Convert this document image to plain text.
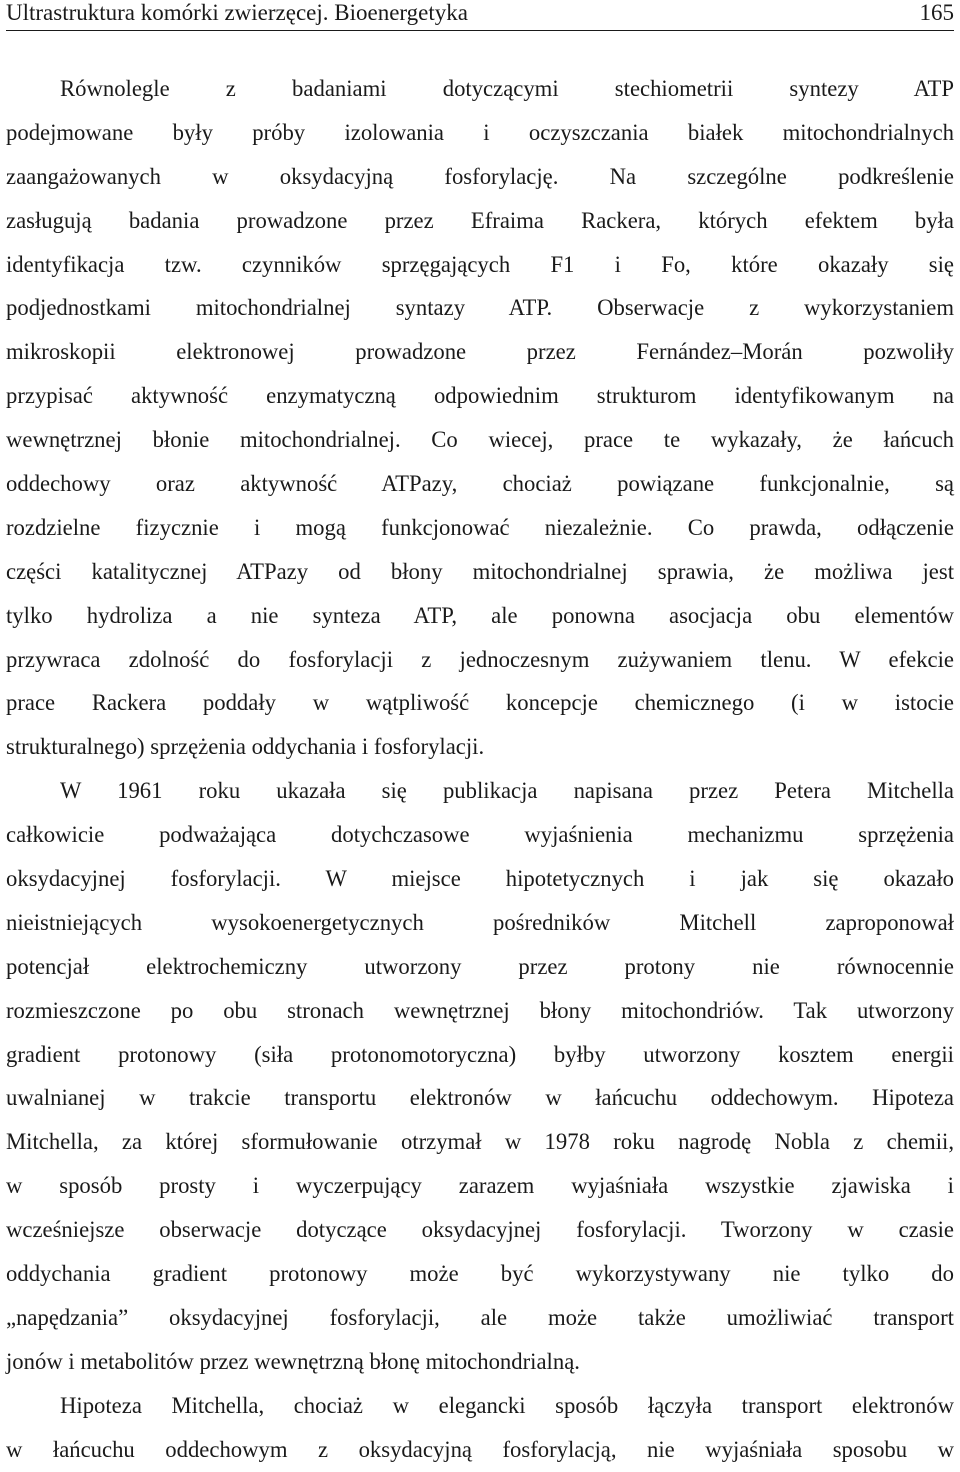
Ultrastruktura komórki zwierzęcej. Bioenergetyka	165
Równolegle z badaniami dotyczącymi stechiometrii syntezy ATP
podejmowane były próby izolowania i oczyszczania białek mitochondrialnych
zaangażowanych w oksydacyjną fosforylację. Na szczególne podkreślenie
zasługują badania prowadzone przez Efraima Rackera, których efektem była
identyfikacja tzw. czynników sprzęgających F1 i Fo, które okazały się
podjednostkami mitochondrialnej syntazy ATP. Obserwacje z wykorzystaniem
mikroskopii elektronowej prowadzone przez Fernández–Morán pozwoliły
przypisać aktywność enzymatyczną odpowiednim strukturom identyfikowanym na
wewnętrznej błonie mitochondrialnej. Co wiecej, prace te wykazały, że łańcuch
oddechowy oraz aktywność ATPazy, chociaż powiązane funkcjonalnie, są
rozdzielne fizycznie i mogą funkcjonować niezależnie. Co prawda, odłączenie
części katalitycznej ATPazy od błony mitochondrialnej sprawia, że możliwa jest
tylko hydroliza a nie synteza ATP, ale ponowna asocjacja obu elementów
przywraca zdolność do fosforylacji z jednoczesnym zużywaniem tlenu. W efekcie
prace Rackera poddały w wątpliwość koncepcje chemicznego (i w istocie
strukturalnego) sprzężenia oddychania i fosforylacji.
W 1961 roku ukazała się publikacja napisana przez Petera Mitchella
całkowicie podważająca dotychczasowe wyjaśnienia mechanizmu sprzężenia
oksydacyjnej fosforylacji. W miejsce hipotetycznych i jak się okazało
nieistniejących wysokoenergetycznych pośredników Mitchell zaproponował
potencjał elektrochemiczny utworzony przez protony nie równocennie
rozmieszczone po obu stronach wewnętrznej błony mitochondriów. Tak utworzony
gradient protonowy (siła protonomotoryczna) byłby utworzony kosztem energii
uwalnianej w trakcie transportu elektronów w łańcuchu oddechowym. Hipoteza
Mitchella, za której sformułowanie otrzymał w 1978 roku nagrodę Nobla z chemii,
w sposób prosty i wyczerpujący zarazem wyjaśniała wszystkie zjawiska i
wcześniejsze obserwacje dotyczące oksydacyjnej fosforylacji. Tworzony w czasie
oddychania gradient protonowy może być wykorzystywany nie tylko do
„napędzania” oksydacyjnej fosforylacji, ale może także umożliwiać transport
jonów i metabolitów przez wewnętrzną błonę mitochondrialną.
Hipoteza Mitchella, chociaż w elegancki sposób łączyła transport elektronów
w łańcuchu oddechowym z oksydacyjną fosforylacją, nie wyjaśniała sposobu w
